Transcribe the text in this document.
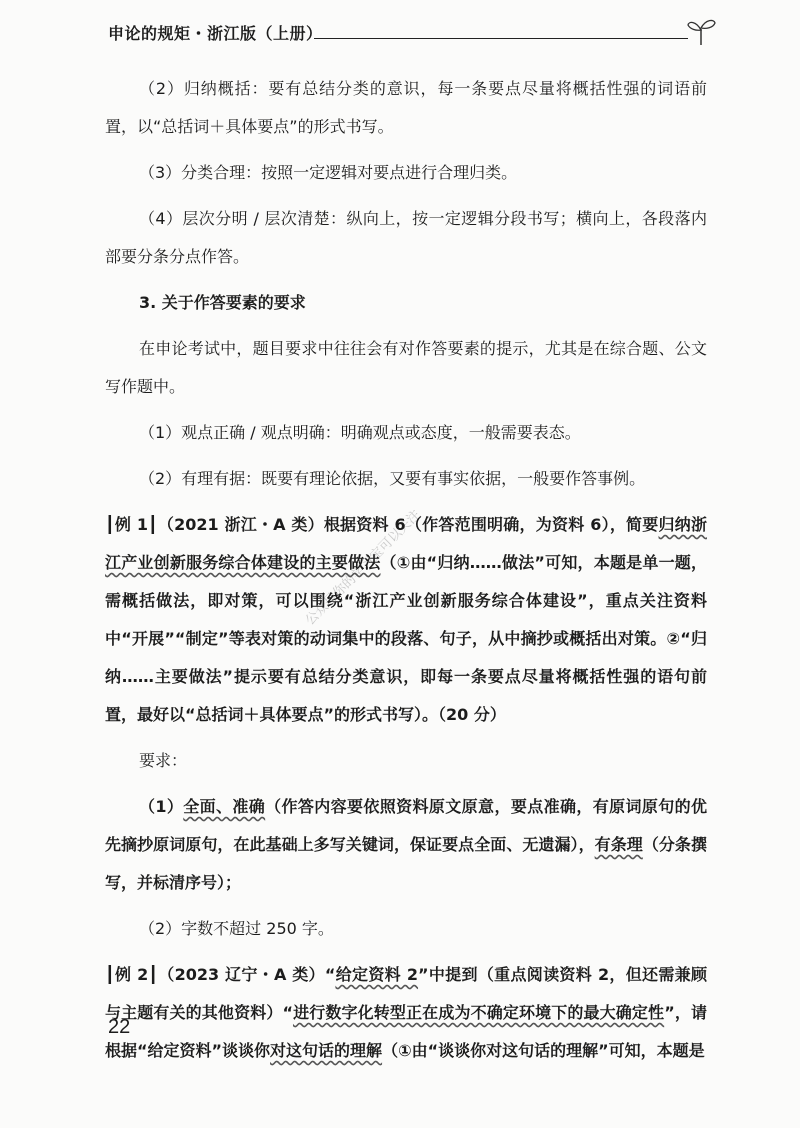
申论的规矩・浙江版（上册）
公众号你的学习宝可以关注

（2）归纳概括：要有总结分类的意识，每一条要点尽量将概括性强的词语前置，以“总括词＋具体要点”的形式书写。

（3）分类合理：按照一定逻辑对要点进行合理归类。

（4）层次分明 / 层次清楚：纵向上，按一定逻辑分段书写；横向上，各段落内部要分条分点作答。

3. 关于作答要素的要求

在申论考试中，题目要求中往往会有对作答要素的提示，尤其是在综合题、公文写作题中。

（1）观点正确 / 观点明确：明确观点或态度，一般需要表态。

（2）有理有据：既要有理论依据，又要有事实依据，一般要作答事例。

┃例 1┃（2021 浙江・A 类）根据资料 6（作答范围明确，为资料 6），简要归纳浙江产业创新服务综合体建设的主要做法（①由“归纳……做法”可知，本题是单一题，需概括做法，即对策，可以围绕“浙江产业创新服务综合体建设”，重点关注资料中“开展”“制定”等表对策的动词集中的段落、句子，从中摘抄或概括出对策。②“归纳……主要做法”提示要有总结分类意识，即每一条要点尽量将概括性强的语句前置，最好以“总括词＋具体要点”的形式书写）。（20 分）

要求：

（1）全面、准确（作答内容要依照资料原文原意，要点准确，有原词原句的优先摘抄原词原句，在此基础上多写关键词，保证要点全面、无遗漏），有条理（分条撰写，并标清序号）；

（2）字数不超过 250 字。

┃例 2┃（2023 辽宁・A 类）“给定资料 2”中提到（重点阅读资料 2，但还需兼顾与主题有关的其他资料）“进行数字化转型正在成为不确定环境下的最大确定性”，请根据“给定资料”谈谈你对这句话的理解（①由“谈谈你对这句话的理解”可知，本题是

22
